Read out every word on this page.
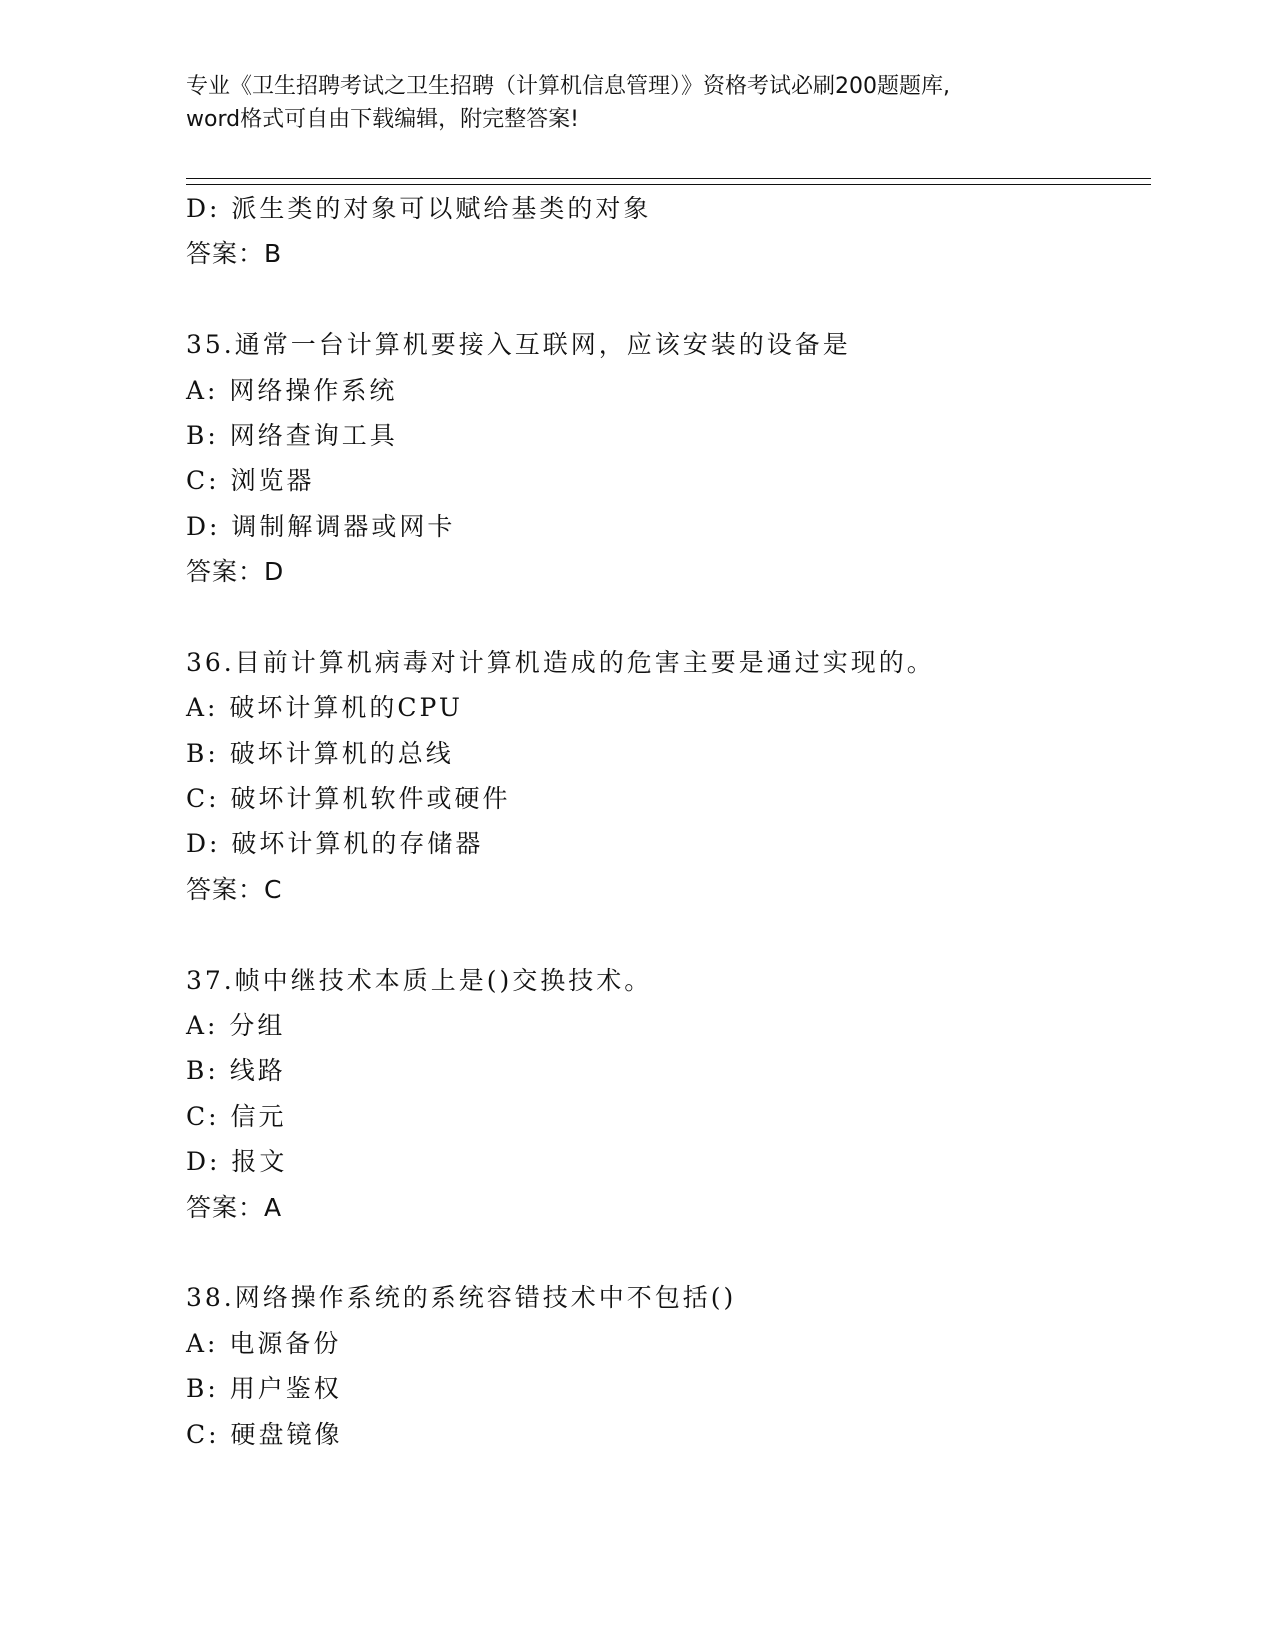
专业《卫生招聘考试之卫生招聘（计算机信息管理）》资格考试必刷200题题库,
word格式可自由下载编辑，附完整答案!
D: 派生类的对象可以赋给基类的对象
答案：B
35.通常一台计算机要接入互联网，应该安装的设备是
A: 网络操作系统
B: 网络查询工具
C: 浏览器
D: 调制解调器或网卡
答案：D
36.目前计算机病毒对计算机造成的危害主要是通过实现的。
A: 破坏计算机的CPU
B: 破坏计算机的总线
C: 破坏计算机软件或硬件
D: 破坏计算机的存储器
答案：C
37.帧中继技术本质上是()交换技术。
A: 分组
B: 线路
C: 信元
D: 报文
答案：A
38.网络操作系统的系统容错技术中不包括()
A: 电源备份
B: 用户鉴权
C: 硬盘镜像
